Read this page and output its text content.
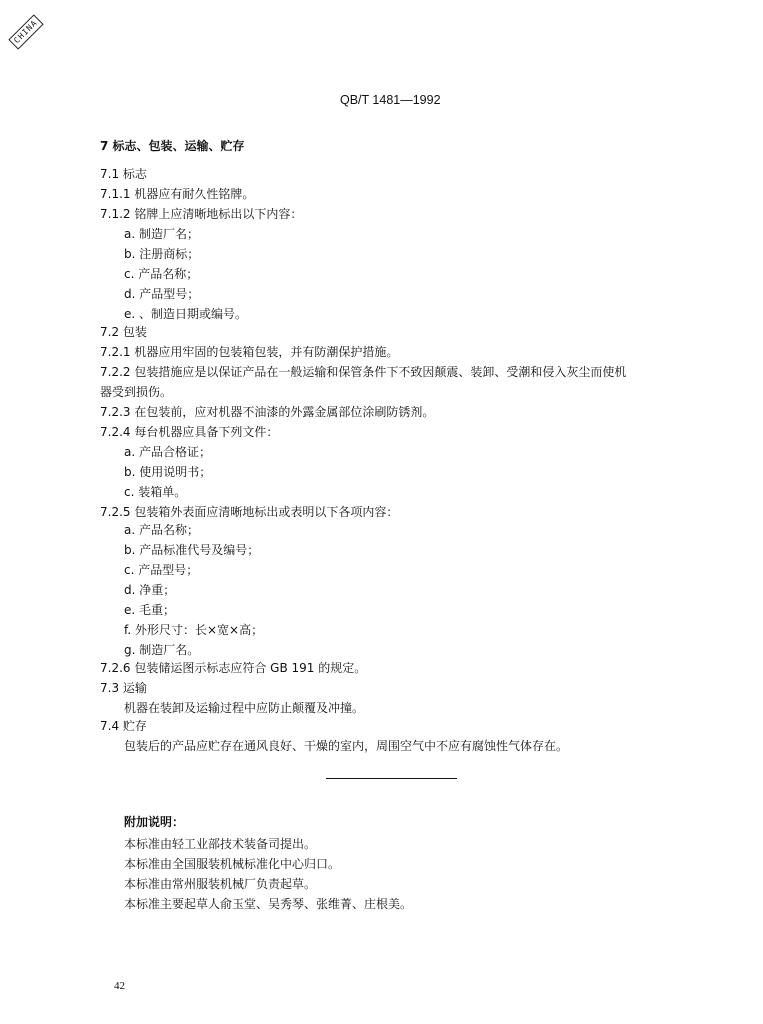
CHINA
QB/T 1481—1992
7 标志、包装、运输、贮存
7.1 标志
7.1.1 机器应有耐久性铭牌。
7.1.2 铭牌上应清晰地标出以下内容：
a. 制造厂名；
b. 注册商标；
c. 产品名称；
d. 产品型号；
e. 、制造日期或编号。
7.2 包装
7.2.1 机器应用牢固的包装箱包装，并有防潮保护措施。
7.2.2 包装措施应是以保证产品在一般运输和保管条件下不致因颠震、装卸、受潮和侵入灰尘而使机
器受到损伤。
7.2.3 在包装前，应对机器不油漆的外露金属部位涂刷防锈剂。
7.2.4 每台机器应具备下列文件：
a. 产品合格证；
b. 使用说明书；
c. 装箱单。
7.2.5 包装箱外表面应清晰地标出或表明以下各项内容：
a. 产品名称；
b. 产品标准代号及编号；
c. 产品型号；
d. 净重；
e. 毛重；
f. 外形尺寸：长×宽×高；
g. 制造厂名。
7.2.6 包装储运图示标志应符合 GB 191 的规定。
7.3 运输
机器在装卸及运输过程中应防止颠覆及冲撞。
7.4 贮存
包装后的产品应贮存在通风良好、干燥的室内，周围空气中不应有腐蚀性气体存在。
附加说明：
本标准由轻工业部技术装备司提出。
本标准由全国服装机械标准化中心归口。
本标准由常州服装机械厂负责起草。
本标准主要起草人俞玉堂、吴秀琴、张维菁、庄根美。
42
